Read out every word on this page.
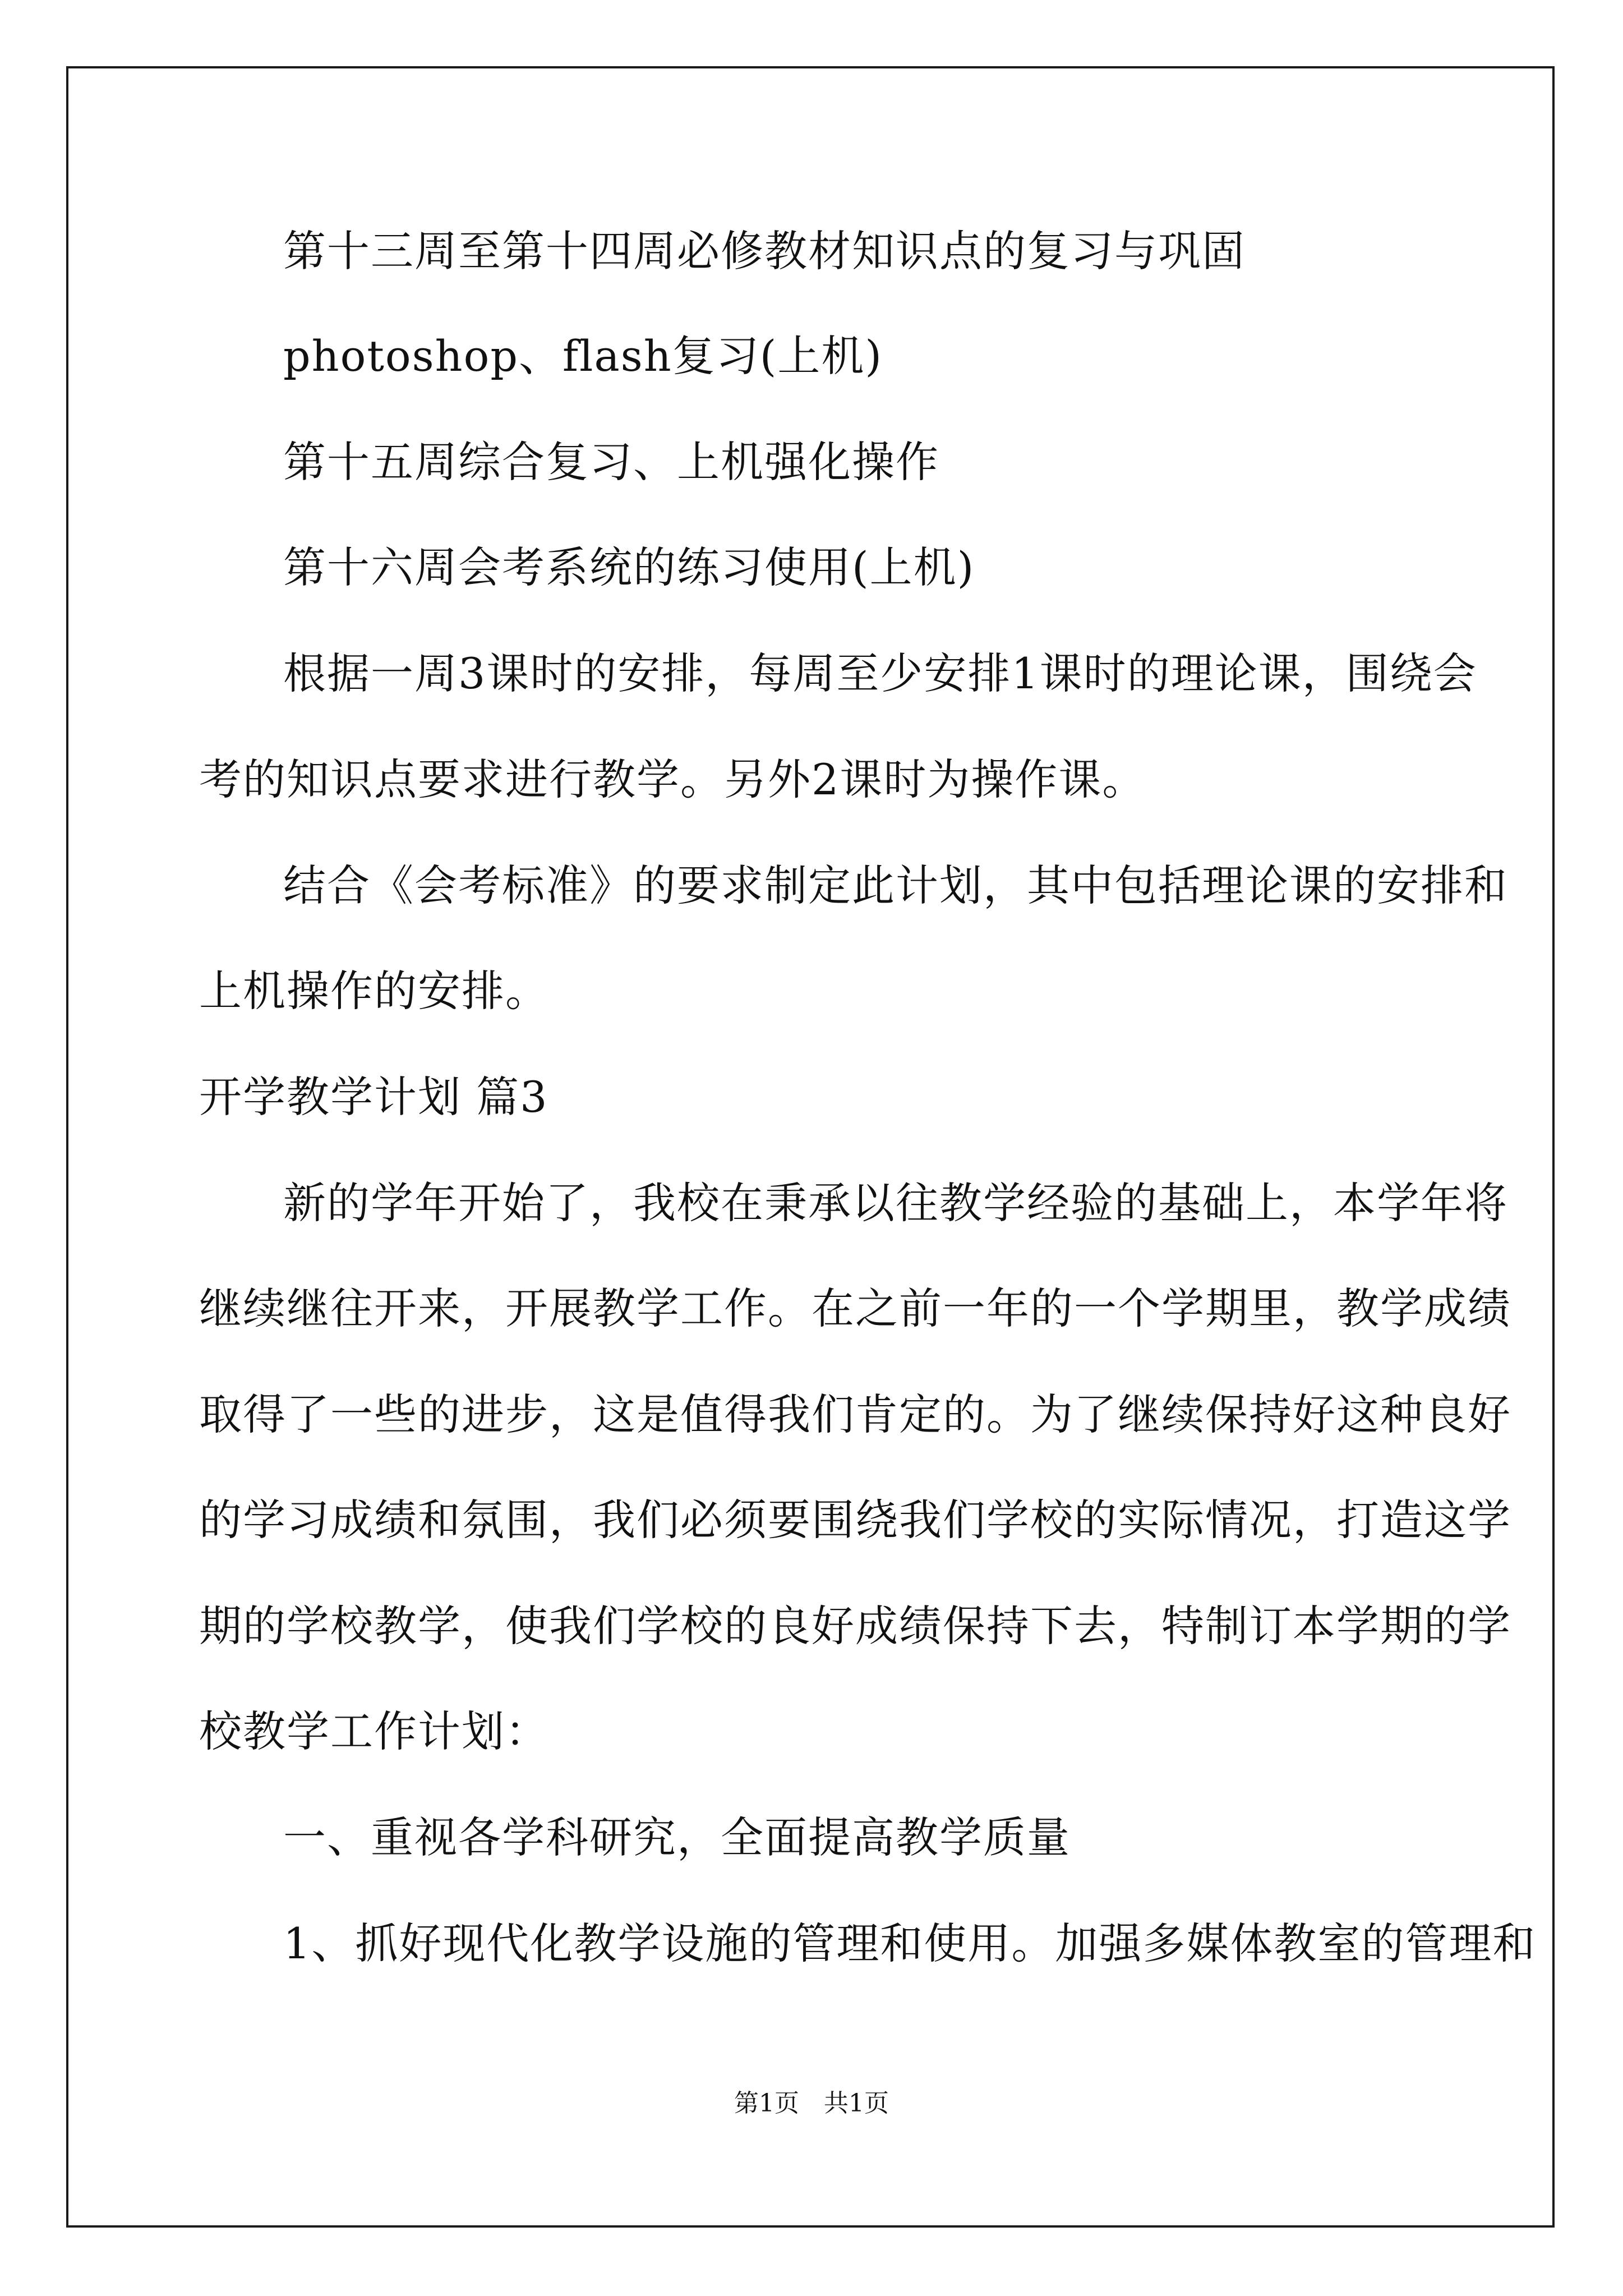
第十三周至第十四周必修教材知识点的复习与巩固
photoshop、flash复习(上机)
第十五周综合复习、上机强化操作
第十六周会考系统的练习使用(上机)
根据一周3课时的安排，每周至少安排1课时的理论课，围绕会
考的知识点要求进行教学。另外2课时为操作课。
结合《会考标准》的要求制定此计划，其中包括理论课的安排和
上机操作的安排。
开学教学计划 篇3
新的学年开始了，我校在秉承以往教学经验的基础上，本学年将
继续继往开来，开展教学工作。在之前一年的一个学期里，教学成绩
取得了一些的进步，这是值得我们肯定的。为了继续保持好这种良好
的学习成绩和氛围，我们必须要围绕我们学校的实际情况，打造这学
期的学校教学，使我们学校的良好成绩保持下去，特制订本学期的学
校教学工作计划：
一、重视各学科研究，全面提高教学质量
1、抓好现代化教学设施的管理和使用。加强多媒体教室的管理和
第1页　共1页
